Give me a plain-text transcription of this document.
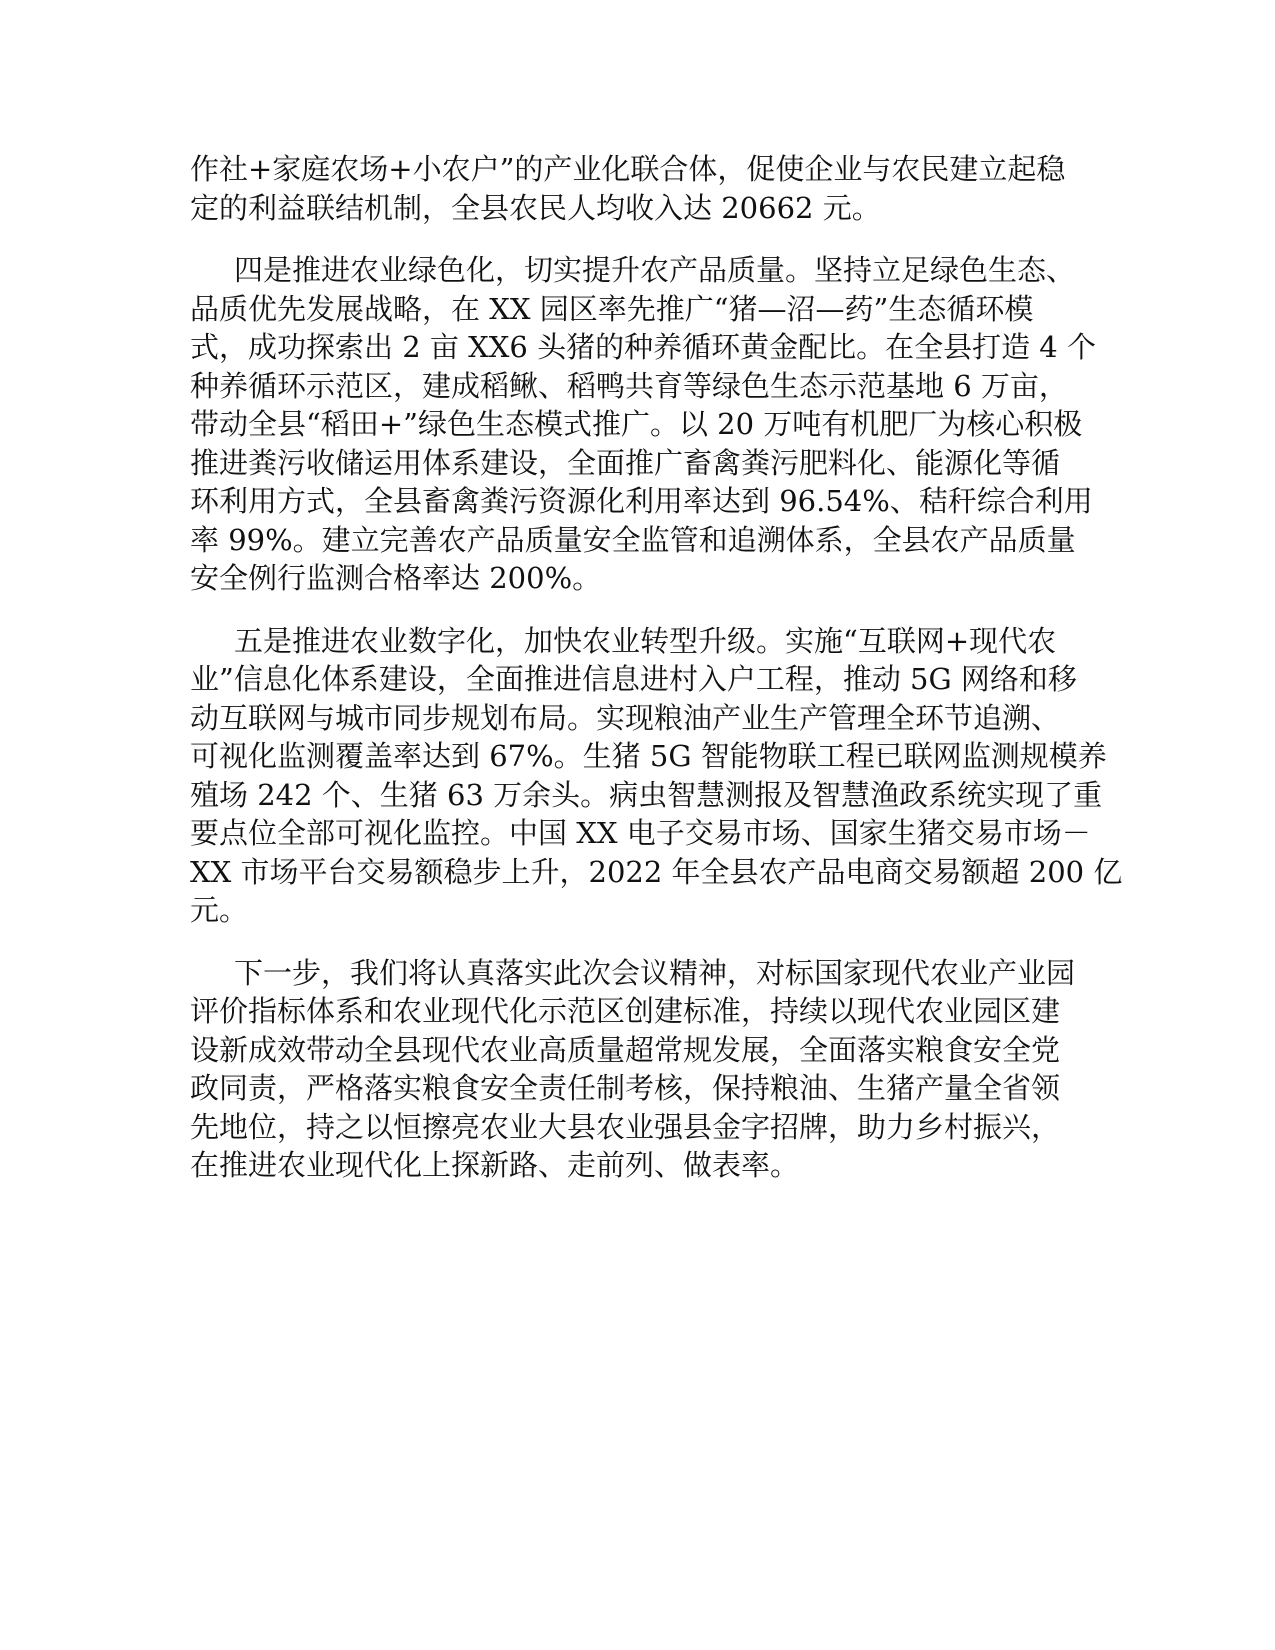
作社+家庭农场+小农户”的产业化联合体，促使企业与农民建立起稳
定的利益联结机制，全县农民人均收入达 20662 元。

四是推进农业绿色化，切实提升农产品质量。坚持立足绿色生态、
品质优先发展战略，在 XX 园区率先推广“猪—沼—药”生态循环模
式，成功探索出 2 亩 XX6 头猪的种养循环黄金配比。在全县打造 4 个
种养循环示范区，建成稻鳅、稻鸭共育等绿色生态示范基地 6 万亩，
带动全县“稻田+”绿色生态模式推广。以 20 万吨有机肥厂为核心积极
推进粪污收储运用体系建设，全面推广畜禽粪污肥料化、能源化等循
环利用方式，全县畜禽粪污资源化利用率达到 96.54%、秸秆综合利用
率 99%。建立完善农产品质量安全监管和追溯体系，全县农产品质量
安全例行监测合格率达 200%。

五是推进农业数字化，加快农业转型升级。实施“互联网+现代农
业”信息化体系建设，全面推进信息进村入户工程，推动 5G 网络和移
动互联网与城市同步规划布局。实现粮油产业生产管理全环节追溯、
可视化监测覆盖率达到 67%。生猪 5G 智能物联工程已联网监测规模养
殖场 242 个、生猪 63 万余头。病虫智慧测报及智慧渔政系统实现了重
要点位全部可视化监控。中国 XX 电子交易市场、国家生猪交易市场－
XX 市场平台交易额稳步上升，2022 年全县农产品电商交易额超 200 亿
元。

下一步，我们将认真落实此次会议精神，对标国家现代农业产业园
评价指标体系和农业现代化示范区创建标准，持续以现代农业园区建
设新成效带动全县现代农业高质量超常规发展，全面落实粮食安全党
政同责，严格落实粮食安全责任制考核，保持粮油、生猪产量全省领
先地位，持之以恒擦亮农业大县农业强县金字招牌，助力乡村振兴，
在推进农业现代化上探新路、走前列、做表率。
